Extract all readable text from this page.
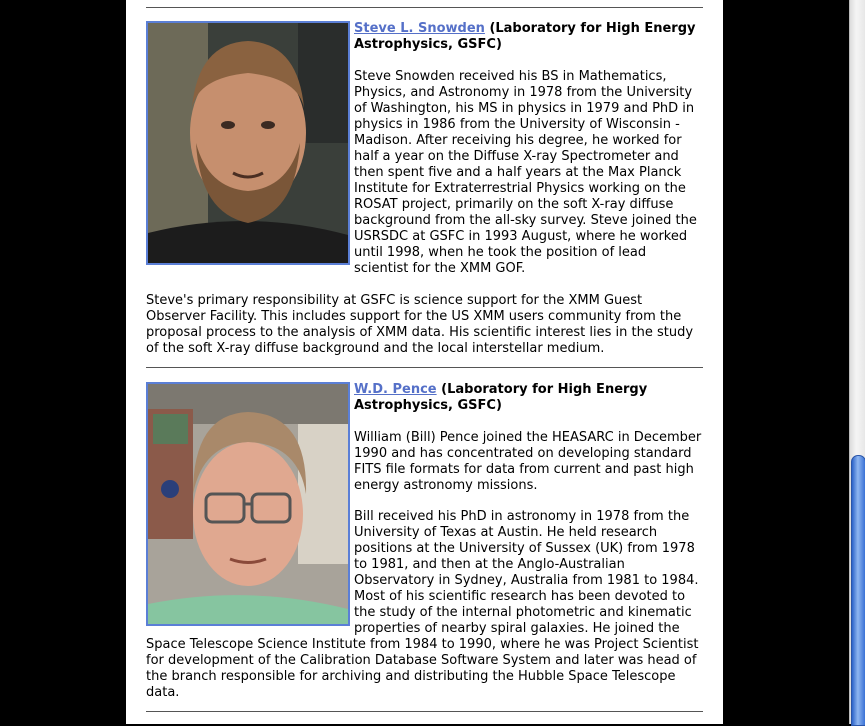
Steve L. Snowden (Laboratory for High Energy Astrophysics, GSFC)

Steve Snowden received his BS in Mathematics, Physics, and Astronomy in 1978 from the University of Washington, his MS in physics in 1979 and PhD in physics in 1986 from the University of Wisconsin - Madison. After receiving his degree, he worked for half a year on the Diffuse X-ray Spectrometer and then spent five and a half years at the Max Planck Institute for Extraterrestrial Physics working on the ROSAT project, primarily on the soft X-ray diffuse background from the all-sky survey. Steve joined the USRSDC at GSFC in 1993 August, where he worked until 1998, when he took the position of lead scientist for the XMM GOF.

Steve's primary responsibility at GSFC is science support for the XMM Guest Observer Facility. This includes support for the US XMM users community from the proposal process to the analysis of XMM data. His scientific interest lies in the study of the soft X-ray diffuse background and the local interstellar medium.

W.D. Pence (Laboratory for High Energy Astrophysics, GSFC)

William (Bill) Pence joined the HEASARC in December 1990 and has concentrated on developing standard FITS file formats for data from current and past high energy astronomy missions.

Bill received his PhD in astronomy in 1978 from the University of Texas at Austin. He held research positions at the University of Sussex (UK) from 1978 to 1981, and then at the Anglo-Australian Observatory in Sydney, Australia from 1981 to 1984. Most of his scientific research has been devoted to the study of the internal photometric and kinematic properties of nearby spiral galaxies. He joined the Space Telescope Science Institute from 1984 to 1990, where he was Project Scientist for development of the Calibration Database Software System and later was head of the branch responsible for archiving and distributing the Hubble Space Telescope data.
